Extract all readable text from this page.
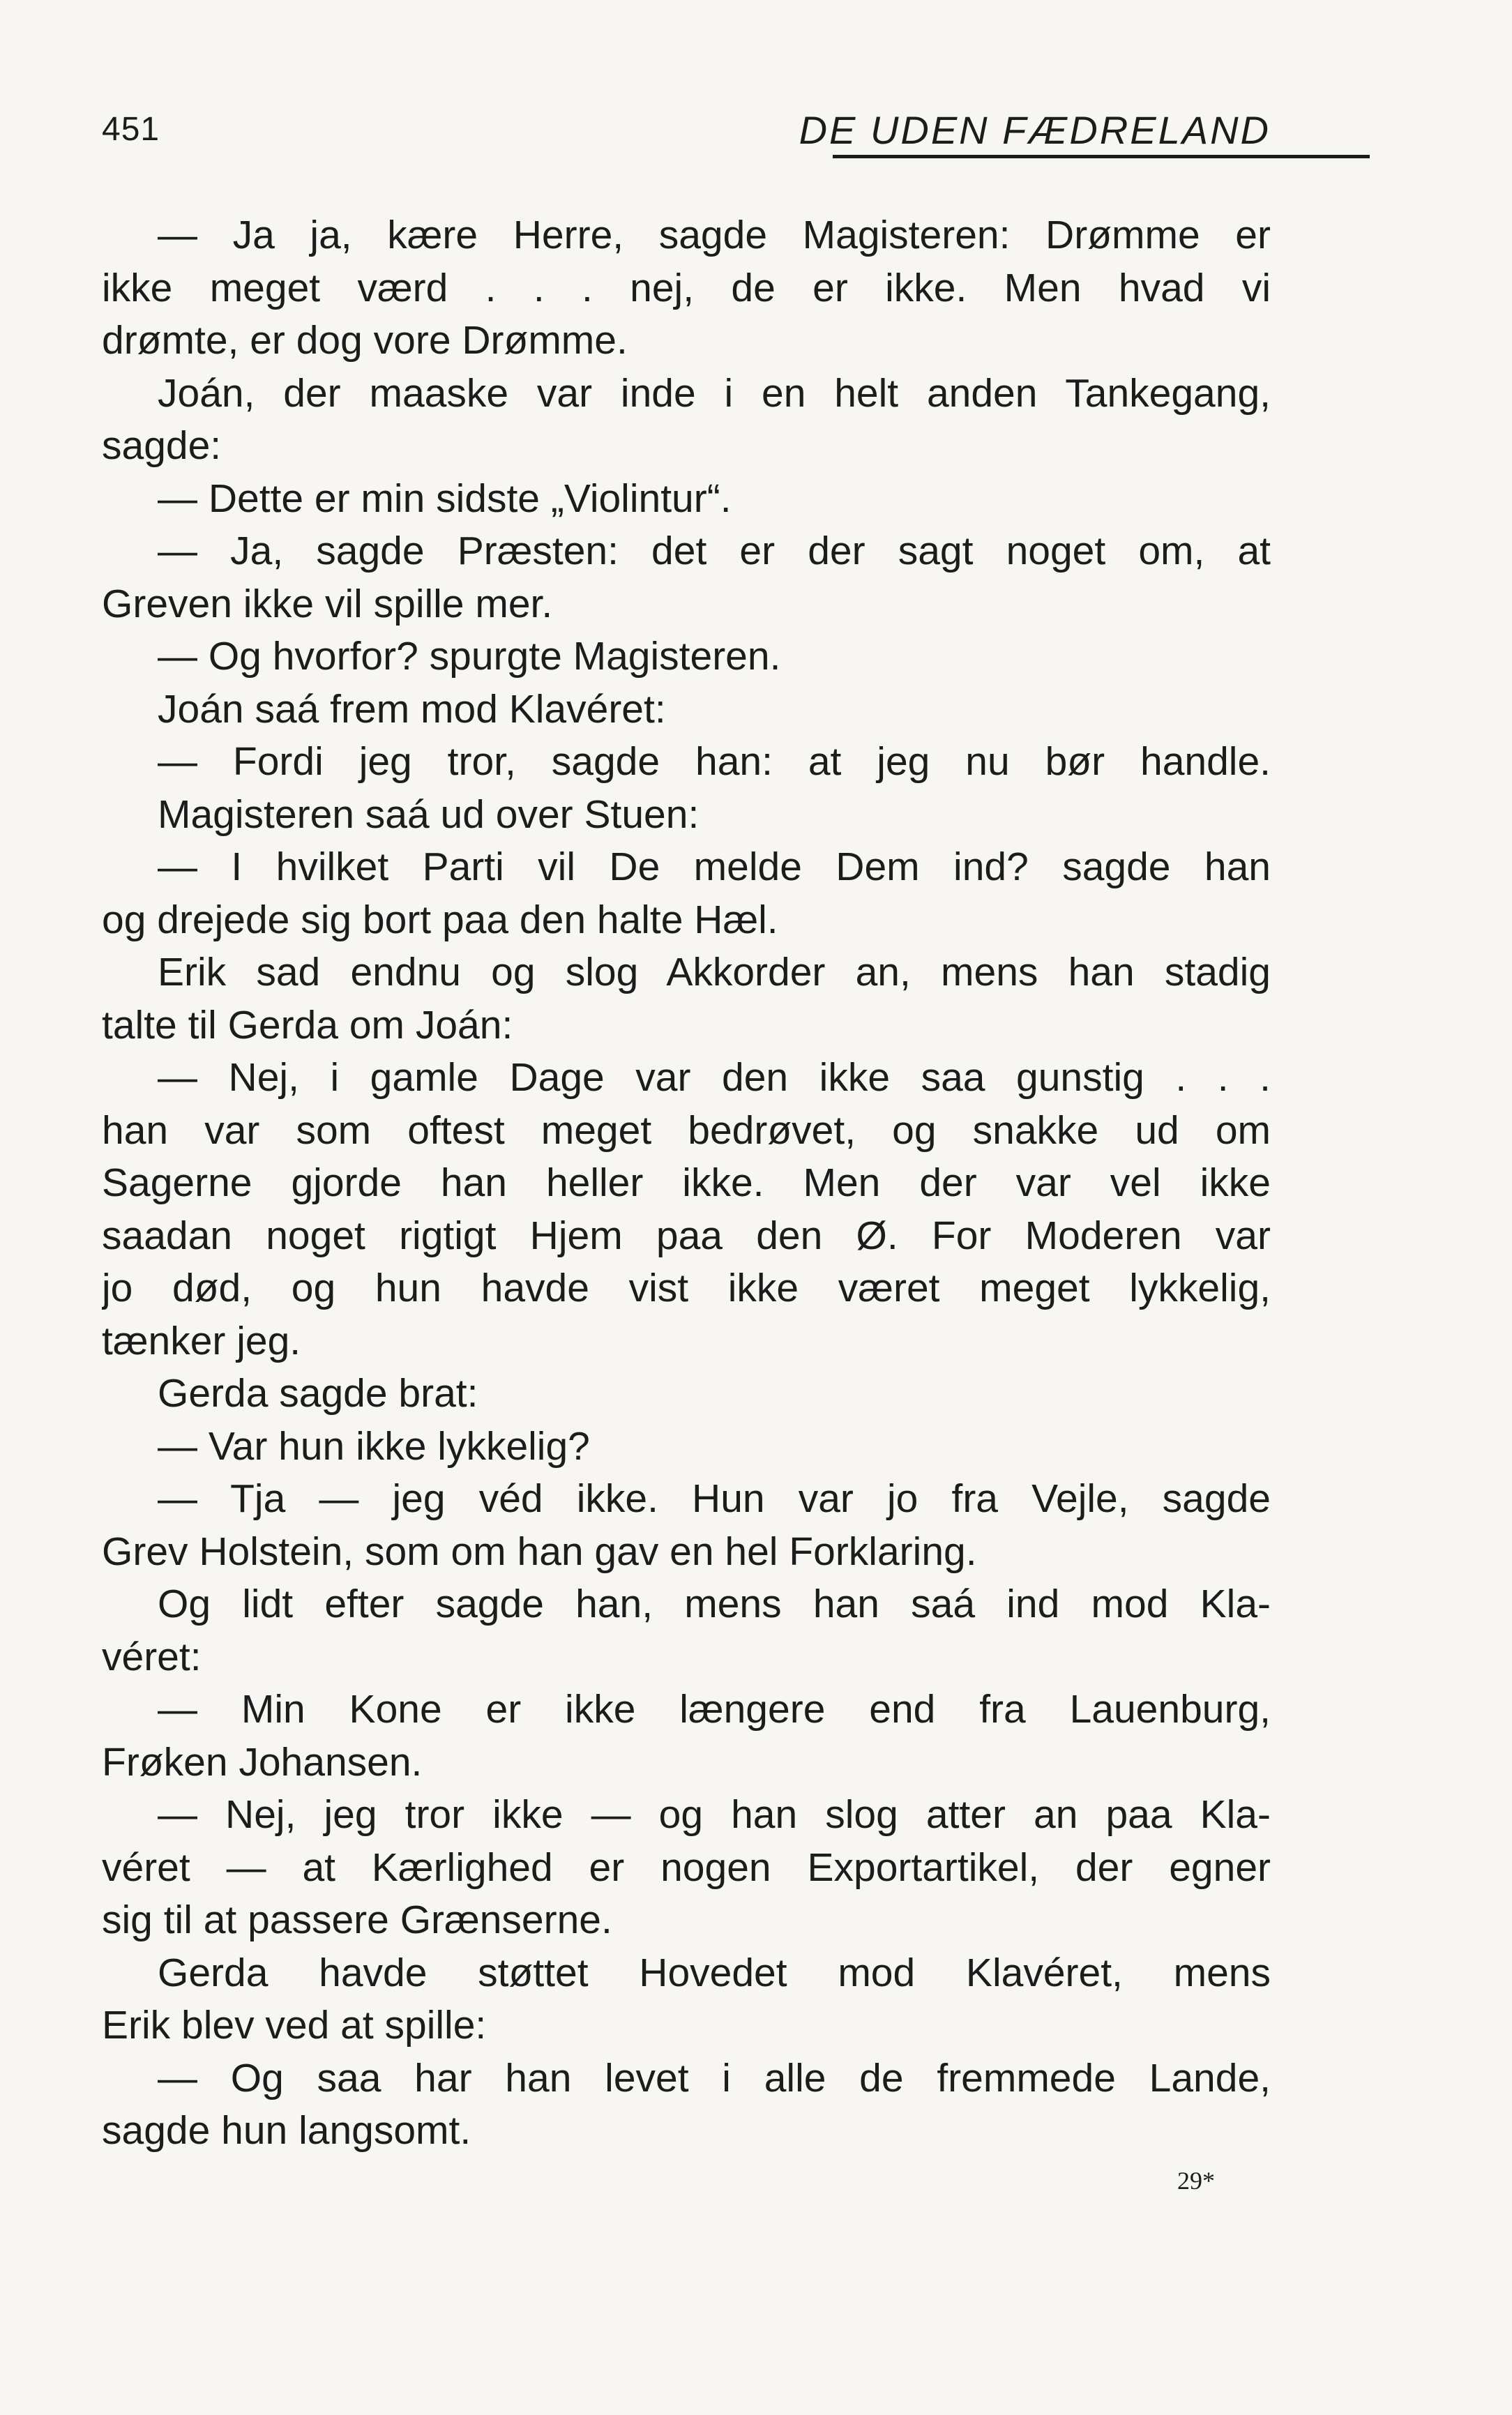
451	DE UDEN FÆDRELAND
— Ja ja, kære Herre, sagde Magisteren: Drømme er
ikke meget værd . . . nej, de er ikke. Men hvad vi
drømte, er dog vore Drømme.
Joán, der maaske var inde i en helt anden Tankegang,
sagde:
— Dette er min sidste „Violintur“.
— Ja, sagde Præsten: det er der sagt noget om, at
Greven ikke vil spille mer.
— Og hvorfor? spurgte Magisteren.
Joán saá frem mod Klavéret:
— Fordi jeg tror, sagde han: at jeg nu bør handle.
Magisteren saá ud over Stuen:
— I hvilket Parti vil De melde Dem ind? sagde han
og drejede sig bort paa den halte Hæl.
Erik sad endnu og slog Akkorder an, mens han stadig
talte til Gerda om Joán:
— Nej, i gamle Dage var den ikke saa gunstig . . .
han var som oftest meget bedrøvet, og snakke ud om
Sagerne gjorde han heller ikke. Men der var vel ikke
saadan noget rigtigt Hjem paa den Ø. For Moderen var
jo død, og hun havde vist ikke været meget lykkelig,
tænker jeg.
Gerda sagde brat:
— Var hun ikke lykkelig?
— Tja — jeg véd ikke. Hun var jo fra Vejle, sagde
Grev Holstein, som om han gav en hel Forklaring.
Og lidt efter sagde han, mens han saá ind mod Kla-
véret:
— Min Kone er ikke længere end fra Lauenburg,
Frøken Johansen.
— Nej, jeg tror ikke — og han slog atter an paa Kla-
véret — at Kærlighed er nogen Exportartikel, der egner
sig til at passere Grænserne.
Gerda havde støttet Hovedet mod Klavéret, mens
Erik blev ved at spille:
— Og saa har han levet i alle de fremmede Lande,
sagde hun langsomt.
29*
